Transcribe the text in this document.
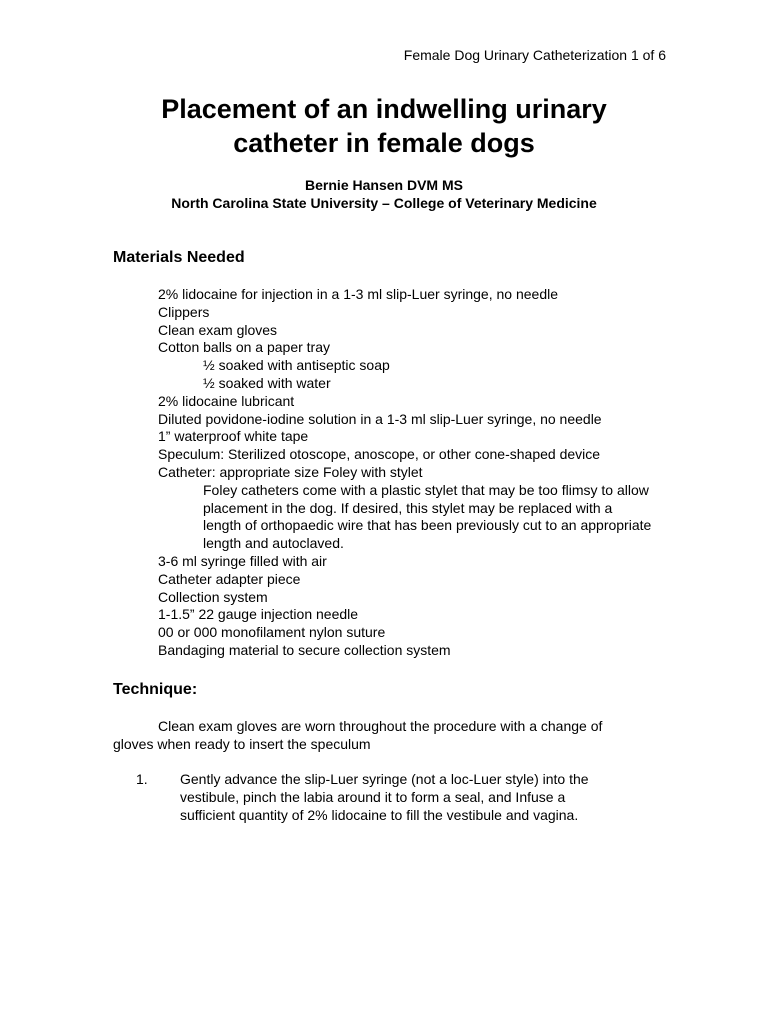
Female Dog Urinary Catheterization 1 of 6
Placement of an indwelling urinary
catheter in female dogs
Bernie Hansen DVM MS
North Carolina State University – College of Veterinary Medicine
Materials Needed
2% lidocaine for injection in a 1-3 ml slip-Luer syringe, no needle
Clippers
Clean exam gloves
Cotton balls on a paper tray
½ soaked with antiseptic soap
½ soaked with water
2% lidocaine lubricant
Diluted povidone-iodine solution in a 1-3 ml slip-Luer syringe, no needle
1” waterproof white tape
Speculum: Sterilized otoscope, anoscope, or other cone-shaped device
Catheter: appropriate size Foley with stylet
Foley catheters come with a plastic stylet that may be too flimsy to allow placement in the dog. If desired, this stylet may be replaced with a length of orthopaedic wire that has been previously cut to an appropriate length and autoclaved.
3-6 ml syringe filled with air
Catheter adapter piece
Collection system
1-1.5” 22 gauge injection needle
00 or 000 monofilament nylon suture
Bandaging material to secure collection system
Technique:

Clean exam gloves are worn throughout the procedure with a change of gloves when ready to insert the speculum

1. Gently advance the slip-Luer syringe (not a loc-Luer style) into the vestibule, pinch the labia around it to form a seal, and Infuse a sufficient quantity of 2% lidocaine to fill the vestibule and vagina.
